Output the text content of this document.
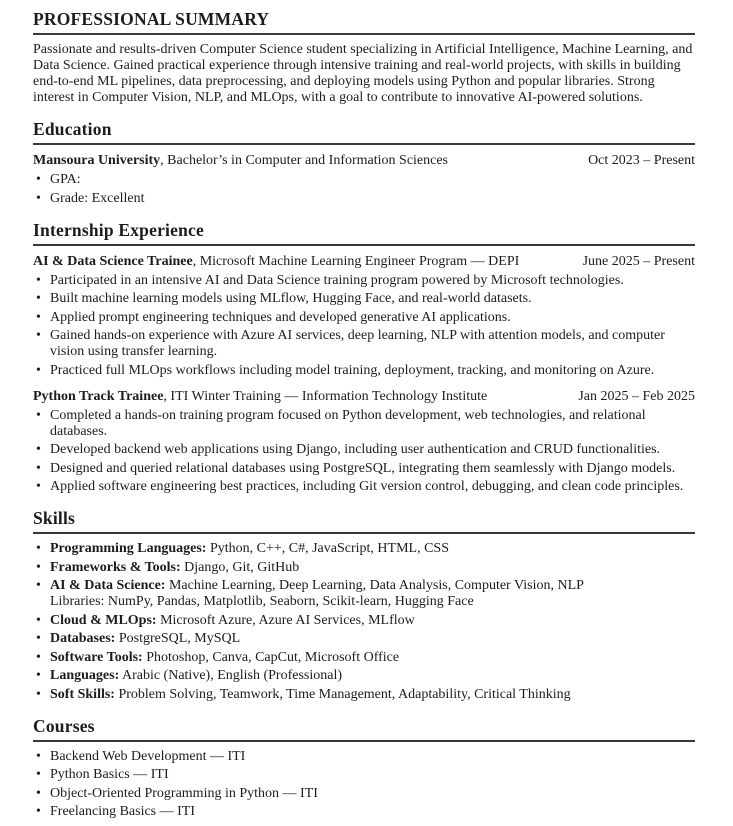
PROFESSIONAL SUMMARY

Passionate and results-driven Computer Science student specializing in Artificial Intelligence, Machine Learning, and Data Science. Gained practical experience through intensive training and real-world projects, with skills in building end-to-end ML pipelines, data preprocessing, and deploying models using Python and popular libraries. Strong interest in Computer Vision, NLP, and MLOps, with a goal to contribute to innovative AI-powered solutions.

Education
Mansoura University, Bachelor’s in Computer and Information Sciences	Oct 2023 – Present
• GPA:
• Grade: Excellent
Internship Experience
AI & Data Science Trainee, Microsoft Machine Learning Engineer Program — DEPI	June 2025 – Present
• Participated in an intensive AI and Data Science training program powered by Microsoft technologies.
• Built machine learning models using MLflow, Hugging Face, and real-world datasets.
• Applied prompt engineering techniques and developed generative AI applications.
• Gained hands-on experience with Azure AI services, deep learning, NLP with attention models, and computer vision using transfer learning.
• Practiced full MLOps workflows including model training, deployment, tracking, and monitoring on Azure.
Python Track Trainee, ITI Winter Training — Information Technology Institute	Jan 2025 – Feb 2025
• Completed a hands-on training program focused on Python development, web technologies, and relational databases.
• Developed backend web applications using Django, including user authentication and CRUD functionalities.
• Designed and queried relational databases using PostgreSQL, integrating them seamlessly with Django models.
• Applied software engineering best practices, including Git version control, debugging, and clean code principles.
Skills
• Programming Languages: Python, C++, C#, JavaScript, HTML, CSS
• Frameworks & Tools: Django, Git, GitHub
• AI & Data Science: Machine Learning, Deep Learning, Data Analysis, Computer Vision, NLP
Libraries: NumPy, Pandas, Matplotlib, Seaborn, Scikit-learn, Hugging Face
• Cloud & MLOps: Microsoft Azure, Azure AI Services, MLflow
• Databases: PostgreSQL, MySQL
• Software Tools: Photoshop, Canva, CapCut, Microsoft Office
• Languages: Arabic (Native), English (Professional)
• Soft Skills: Problem Solving, Teamwork, Time Management, Adaptability, Critical Thinking
Courses
• Backend Web Development — ITI
• Python Basics — ITI
• Object-Oriented Programming in Python — ITI
• Freelancing Basics — ITI
